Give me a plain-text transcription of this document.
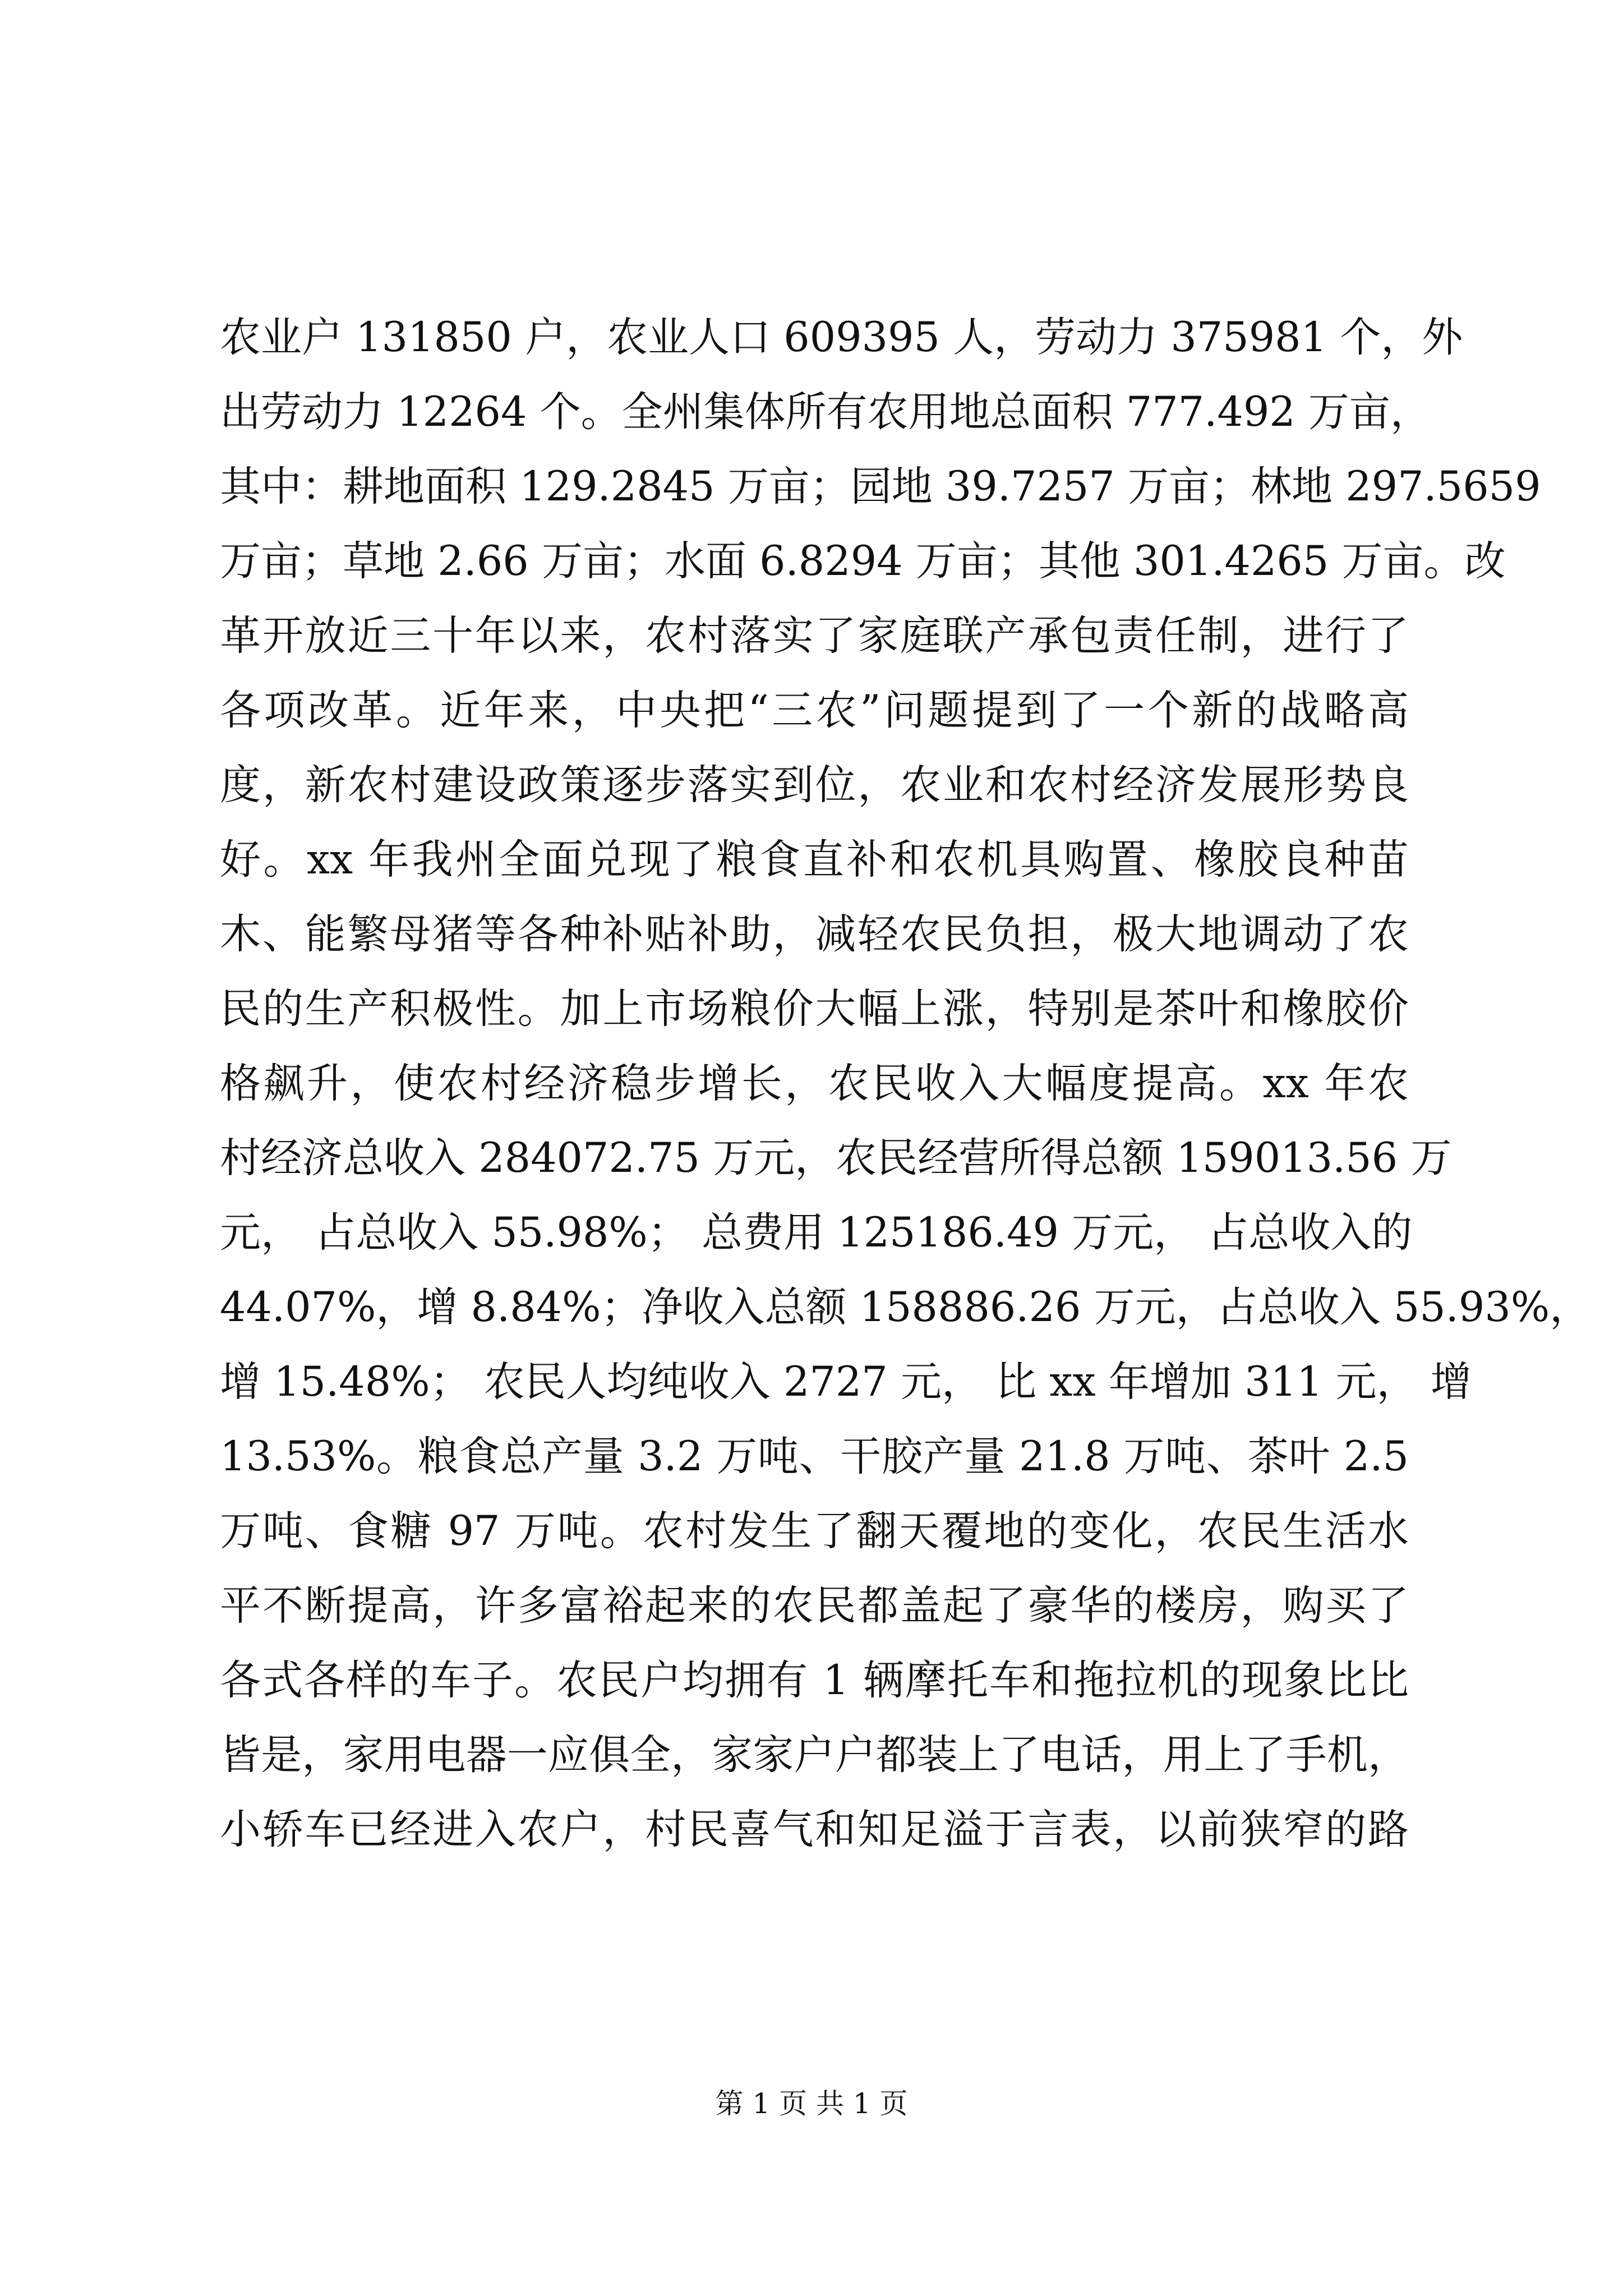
农业户 131850 户，农业人口 609395 人，劳动力 375981 个，外
出劳动力 12264 个。全州集体所有农用地总面积 777.492 万亩，
其中：耕地面积 129.2845 万亩；园地 39.7257 万亩；林地 297.5659
万亩；草地 2.66 万亩；水面 6.8294 万亩；其他 301.4265 万亩。改
革开放近三十年以来，农村落实了家庭联产承包责任制，进行了
各项改革。近年来，中央把“三农”问题提到了一个新的战略高
度，新农村建设政策逐步落实到位，农业和农村经济发展形势良
好。xx 年我州全面兑现了粮食直补和农机具购置、橡胶良种苗
木、能繁母猪等各种补贴补助，减轻农民负担，极大地调动了农
民的生产积极性。加上市场粮价大幅上涨，特别是茶叶和橡胶价
格飙升，使农村经济稳步增长，农民收入大幅度提高。xx 年农
村经济总收入 284072.75 万元，农民经营所得总额 159013.56 万
元， 占总收入 55.98%； 总费用 125186.49 万元， 占总收入的
44.07%，增 8.84%；净收入总额 158886.26 万元，占总收入 55.93%，
增 15.48%； 农民人均纯收入 2727 元， 比 xx 年增加 311 元， 增
13.53%。粮食总产量 3.2 万吨、干胶产量 21.8 万吨、茶叶 2.5
万吨、食糖 97 万吨。农村发生了翻天覆地的变化，农民生活水
平不断提高，许多富裕起来的农民都盖起了豪华的楼房，购买了
各式各样的车子。农民户均拥有 1 辆摩托车和拖拉机的现象比比
皆是，家用电器一应俱全，家家户户都装上了电话，用上了手机，
小轿车已经进入农户，村民喜气和知足溢于言表，以前狭窄的路
第 1 页 共 1 页
